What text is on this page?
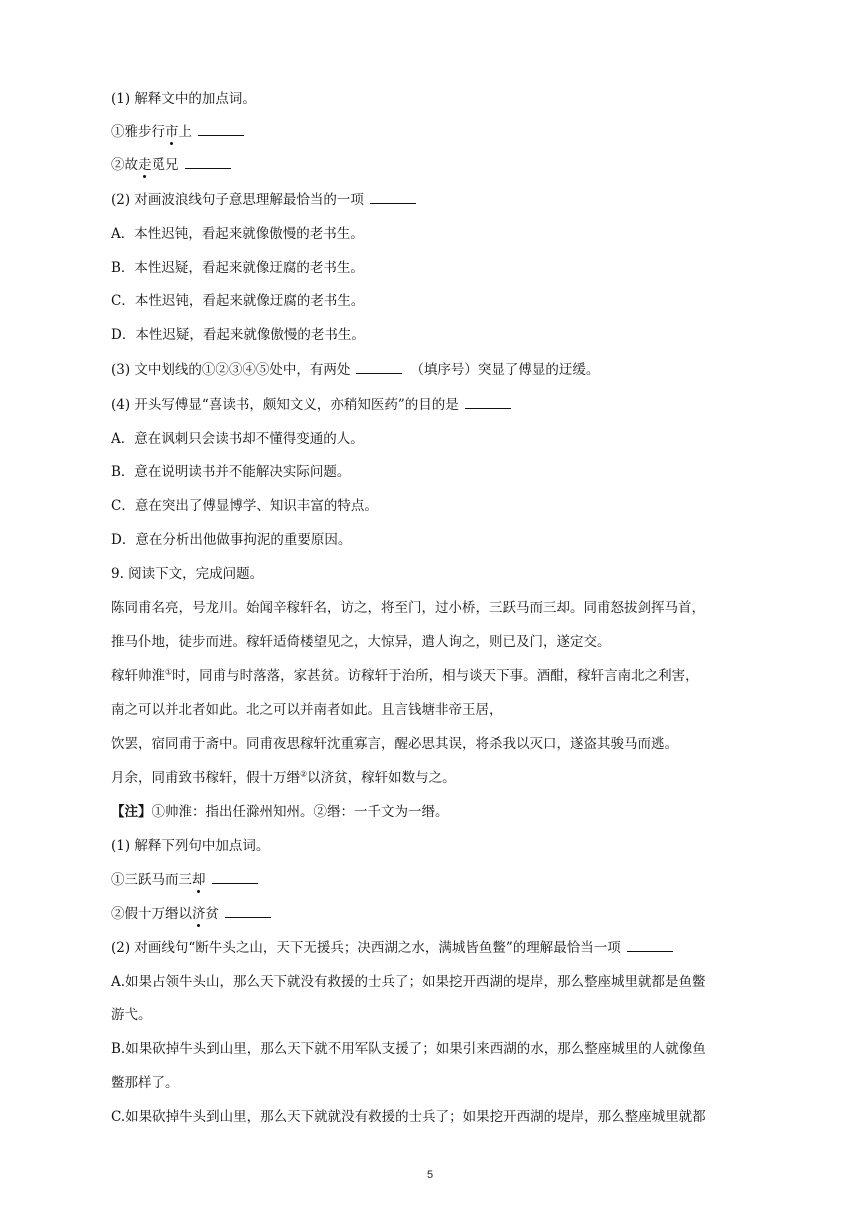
(1) 解释文中的加点词。
①雅步行市上
②故走觅兄
(2) 对画波浪线句子意思理解最恰当的一项
A．本性迟钝，看起来就像傲慢的老书生。
B．本性迟疑，看起来就像迂腐的老书生。
C．本性迟钝，看起来就像迂腐的老书生。
D．本性迟疑，看起来就像傲慢的老书生。
(3) 文中划线的①②③④⑤处中，有两处	（填序号）突显了傅显的迂缓。
(4) 开头写傅显“喜读书，颇知文义，亦稍知医药”的目的是
A．意在讽刺只会读书却不懂得变通的人。
B．意在说明读书并不能解决实际问题。
C．意在突出了傅显博学、知识丰富的特点。
D．意在分析出他做事拘泥的重要原因。
9. 阅读下文，完成问题。
陈同甫名亮，号龙川。始闻辛稼轩名，访之，将至门，过小桥，三跃马而三却。同甫怒拔剑挥马首，
推马仆地，徒步而进。稼轩适倚楼望见之，大惊异，遣人询之，则已及门，遂定交。
稼轩帅淮①时，同甫与时落落，家甚贫。访稼轩于治所，相与谈天下事。酒酣，稼轩言南北之利害，
南之可以并北者如此。北之可以并南者如此。且言钱塘非帝王居，
饮罢，宿同甫于斋中。同甫夜思稼轩沈重寡言，醒必思其误，将杀我以灭口，遂盗其骏马而逃。
月余，同甫致书稼轩，假十万缗②以济贫，稼轩如数与之。
【注】①帅淮：指出任滁州知州。②缗：一千文为一缗。
(1) 解释下列句中加点词。
①三跃马而三却
②假十万缗以济贫
(2) 对画线句“断牛头之山，天下无援兵；决西湖之水，满城皆鱼鳖”的理解最恰当一项
A.如果占领牛头山，那么天下就没有救援的士兵了；如果挖开西湖的堤岸，那么整座城里就都是鱼鳖
游弋。
B.如果砍掉牛头到山里，那么天下就不用军队支援了；如果引来西湖的水，那么整座城里的人就像鱼
鳖那样了。
C.如果砍掉牛头到山里，那么天下就就没有救援的士兵了；如果挖开西湖的堤岸，那么整座城里就都
5
